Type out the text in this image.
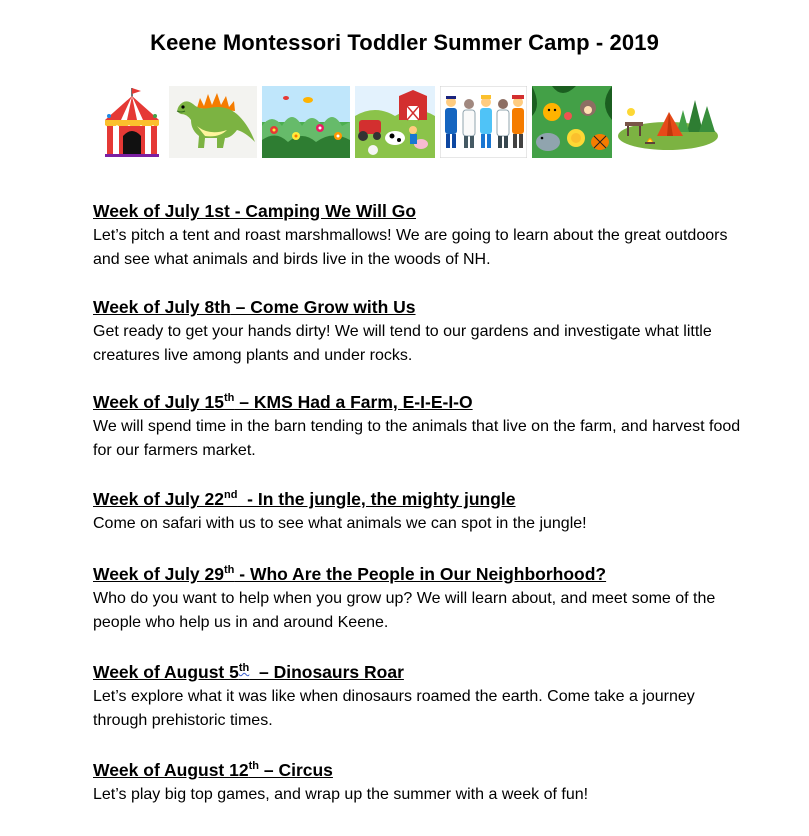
Keene Montessori Toddler Summer Camp - 2019
Week of July 1st - Camping We Will Go

Let’s pitch a tent and roast marshmallows! We are going to learn about the great outdoors and see what animals and birds live in the woods of NH.

Week of July 8th – Come Grow with Us

Get ready to get your hands dirty! We will tend to our gardens and investigate what little creatures live among plants and under rocks.

Week of July 15th – KMS Had a Farm, E-I-E-I-O

We will spend time in the barn tending to the animals that live on the farm, and harvest food for our farmers market.

Week of July 22nd  - In the jungle, the mighty jungle

Come on safari with us to see what animals we can spot in the jungle!

Week of July 29th - Who Are the People in Our Neighborhood?

Who do you want to help when you grow up? We will learn about, and meet some of the people who help us in and around Keene.

Week of August 5th  – Dinosaurs Roar

Let’s explore what it was like when dinosaurs roamed the earth. Come take a journey through prehistoric times.

Week of August 12th – Circus

Let’s play big top games, and wrap up the summer with a week of fun!
